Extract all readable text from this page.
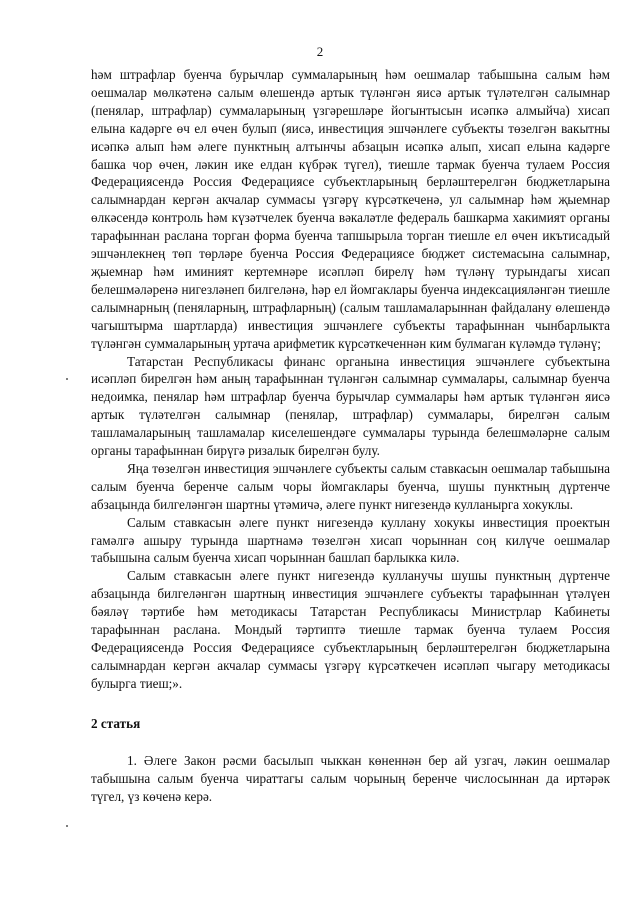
2

һәм штрафлар буенча бурычлар суммаларының һәм оешмалар табышына салым һәм оешмалар мөлкәтенә салым өлешендә артык түләнгән яисә артык түләтелгән салымнар (пенялар, штрафлар) суммаларының үзгәрешләре йогынтысын исәпкә алмыйча) хисап елына кадәрге өч ел өчен булып (яисә, инвестиция эшчәнлеге субъекты төзелгән вакытны исәпкә алып һәм әлеге пунктның алтынчы абзацын исәпкә алып, хисап елына кадәрге башка чор өчен, ләкин ике елдан күбрәк түгел), тиешле тармак буенча тулаем Россия Федерациясендә Россия Федерациясе субъектларының берләштерелгән бюджетларына салымнардан кергән акчалар суммасы үзгәрү күрсәткеченә, ул салымнар һәм җыемнар өлкәсендә контроль һәм күзәтчелек буенча вәкаләтле федераль башкарма хакимият органы тарафыннан раслана торган форма буенча тапшырыла торган тиешле ел өчен икътисадый эшчәнлекнең төп төрләре буенча Россия Федерациясе бюджет системасына салымнар, җыемнар һәм иминият кертемнәре исәпләп бирелү һәм түләнү турындагы хисап белешмәләренә нигезләнеп билгеләнә, һәр ел йомгаклары буенча индексацияләнгән тиешле салымнарның (пеняларның, штрафларның) (салым ташламаларыннан файдалану өлешендә чагыштырма шартларда) инвестиция эшчәнлеге субъекты тарафыннан чынбарлыкта түләнгән суммаларының уртача арифметик күрсәткеченнән ким булмаган күләмдә түләнү;

Татарстан Республикасы финанс органына инвестиция эшчәнлеге субъектына исәпләп бирелгән һәм аның тарафыннан түләнгән салымнар суммалары, салымнар буенча недоимка, пенялар һәм штрафлар буенча бурычлар суммалары һәм артык түләнгән яисә артык түләтелгән салымнар (пенялар, штрафлар) суммалары, бирелгән салым ташламаларының ташламалар киселешендәге суммалары турында белешмәләрне салым органы тарафыннан бирүгә ризалык бирелгән булу.

Яңа төзелгән инвестиция эшчәнлеге субъекты салым ставкасын оешмалар табышына салым буенча беренче салым чоры йомгаклары буенча, шушы пунктның дүртенче абзацында билгеләнгән шартны үтәмичә, әлеге пункт нигезендә кулланырга хокуклы.

Салым ставкасын әлеге пункт нигезендә куллану хокукы инвестиция проектын гамәлгә ашыру турында шартнамә төзелгән хисап чорыннан соң килүче оешмалар табышына салым буенча хисап чорыннан башлап барлыкка килә.

Салым ставкасын әлеге пункт нигезендә кулланучы шушы пунктның дүртенче абзацында билгеләнгән шартның инвестиция эшчәнлеге субъекты тарафыннан үтәлүен бәяләү тәртибе һәм методикасы Татарстан Республикасы Министрлар Кабинеты тарафыннан раслана. Мондый тәртиптә тиешле тармак буенча тулаем Россия Федерациясендә Россия Федерациясе субъектларының берләштерелгән бюджетларына салымнардан кергән акчалар суммасы үзгәрү күрсәткечен исәпләп чыгару методикасы булырга тиеш;».

2 статья

1. Әлеге Закон рәсми басылып чыккан көненнән бер ай узгач, ләкин оешмалар табышына салым буенча чираттагы салым чорының беренче числосыннан да иртәрәк түгел, үз көченә керә.
